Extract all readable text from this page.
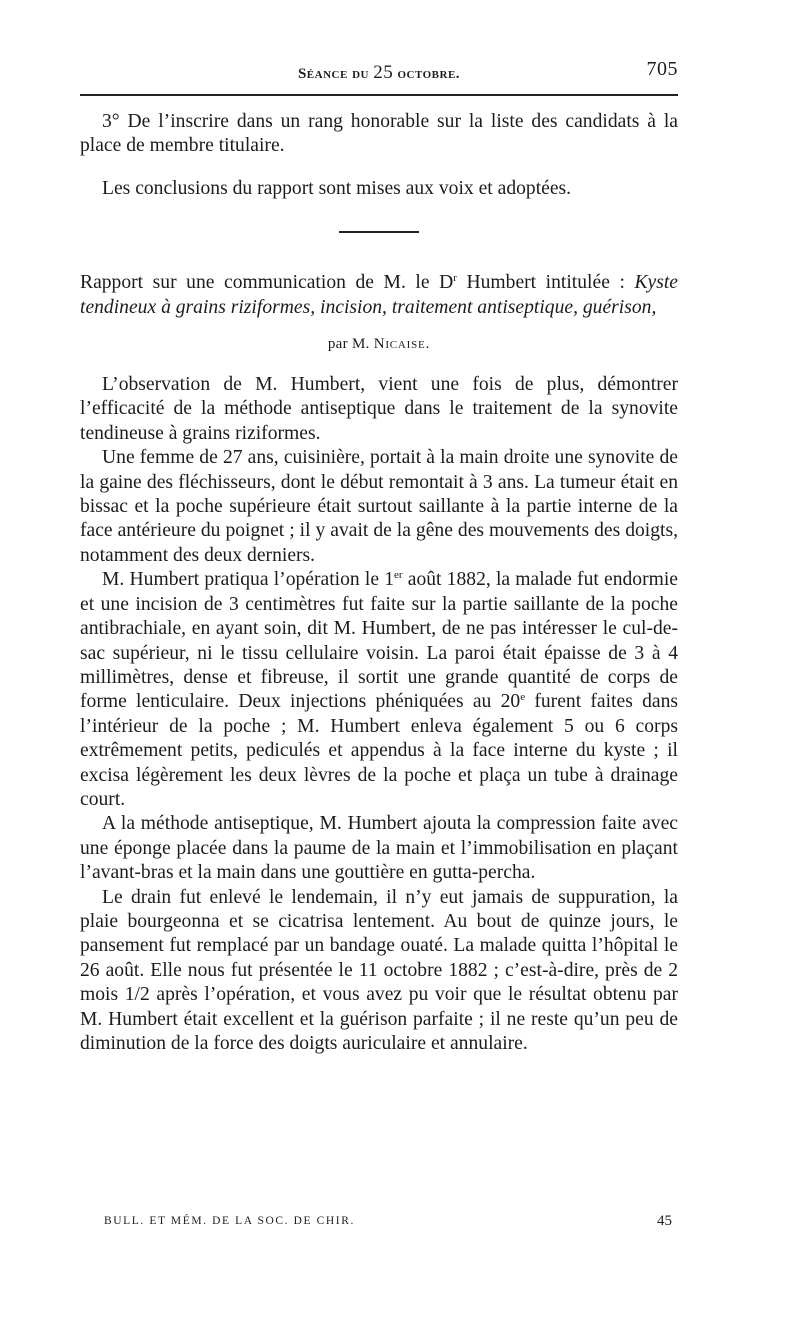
Séance du 25 octobre.	705

3° De l’inscrire dans un rang honorable sur la liste des candidats à la place de membre titulaire.

Les conclusions du rapport sont mises aux voix et adoptées.

Rapport sur une communication de M. le $D^r$ Humbert intitulée : Kyste tendineux à grains riziformes, incision, traitement antiseptique, guérison,

par M. Nicaise.

L’observation de M. Humbert, vient une fois de plus, démontrer l’efficacité de la méthode antiseptique dans le traitement de la synovite tendineuse à grains riziformes.

Une femme de 27 ans, cuisinière, portait à la main droite une synovite de la gaine des fléchisseurs, dont le début remontait à 3 ans. La tumeur était en bissac et la poche supérieure était surtout saillante à la partie interne de la face antérieure du poignet ; il y avait de la gêne des mouvements des doigts, notamment des deux derniers.

M. Humbert pratiqua l’opération le 1er août 1882, la malade fut endormie et une incision de 3 centimètres fut faite sur la partie saillante de la poche antibrachiale, en ayant soin, dit M. Humbert, de ne pas intéresser le cul-de-sac supérieur, ni le tissu cellulaire voisin. La paroi était épaisse de 3 à 4 millimètres, dense et fibreuse, il sortit une grande quantité de corps de forme lenticulaire. Deux injections phéniquées au 20e furent faites dans l’intérieur de la poche ; M. Humbert enleva également 5 ou 6 corps extrêmement petits, pediculés et appendus à la face interne du kyste ; il excisa légèrement les deux lèvres de la poche et plaça un tube à drainage court.

A la méthode antiseptique, M. Humbert ajouta la compression faite avec une éponge placée dans la paume de la main et l’immobilisation en plaçant l’avant-bras et la main dans une gouttière en gutta-percha.

Le drain fut enlevé le lendemain, il n’y eut jamais de suppuration, la plaie bourgeonna et se cicatrisa lentement. Au bout de quinze jours, le pansement fut remplacé par un bandage ouaté. La malade quitta l’hôpital le 26 août. Elle nous fut présentée le 11 octobre 1882 ; c’est-à-dire, près de 2 mois 1/2 après l’opération, et vous avez pu voir que le résultat obtenu par M. Humbert était excellent et la guérison parfaite ; il ne reste qu’un peu de diminution de la force des doigts auriculaire et annulaire.

BULL. ET MÉM. DE LA SOC. DE CHIR.	45
